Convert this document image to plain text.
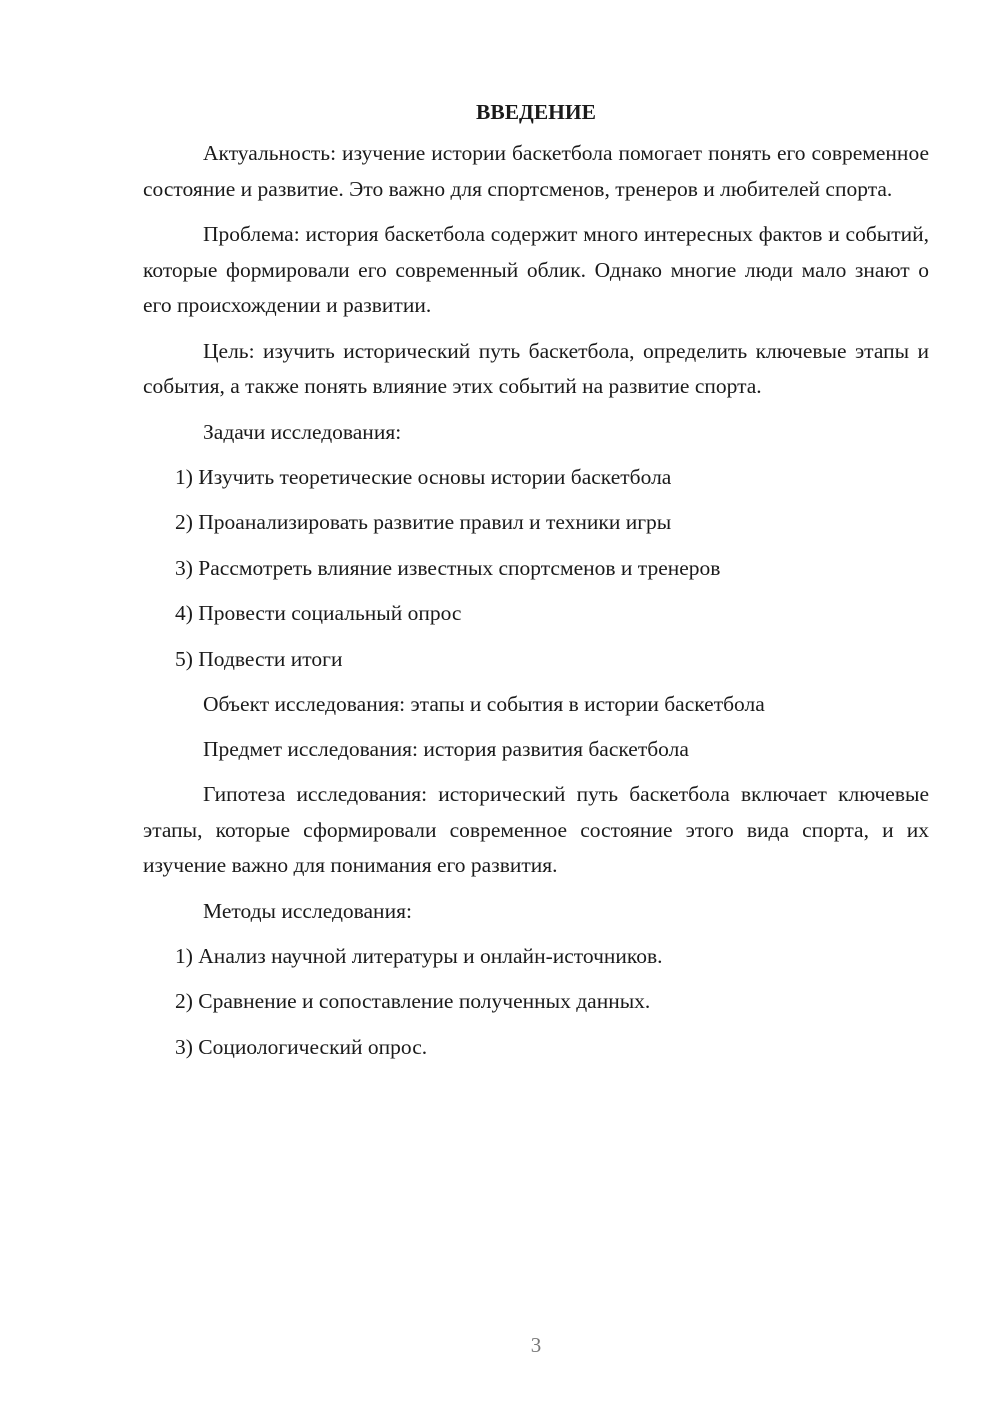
ВВЕДЕНИЕ

Актуальность: изучение истории баскетбола помогает понять его современное состояние и развитие. Это важно для спортсменов, тренеров и любителей спорта.

Проблема: история баскетбола содержит много интересных фактов и событий, которые формировали его современный облик. Однако многие люди мало знают о его происхождении и развитии.

Цель: изучить исторический путь баскетбола, определить ключевые этапы и события, а также понять влияние этих событий на развитие спорта.

Задачи исследования:
1) Изучить теоретические основы истории баскетбола
2) Проанализировать развитие правил и техники игры
3) Рассмотреть влияние известных спортсменов и тренеров
4) Провести социальный опрос
5) Подвести итоги
Объект исследования: этапы и события в истории баскетбола
Предмет исследования: история развития баскетбола

Гипотеза исследования: исторический путь баскетбола включает ключевые этапы, которые сформировали современное состояние этого вида спорта, и их изучение важно для понимания его развития.

Методы исследования:
1) Анализ научной литературы и онлайн-источников.
2) Сравнение и сопоставление полученных данных.
3) Социологический опрос.
3
